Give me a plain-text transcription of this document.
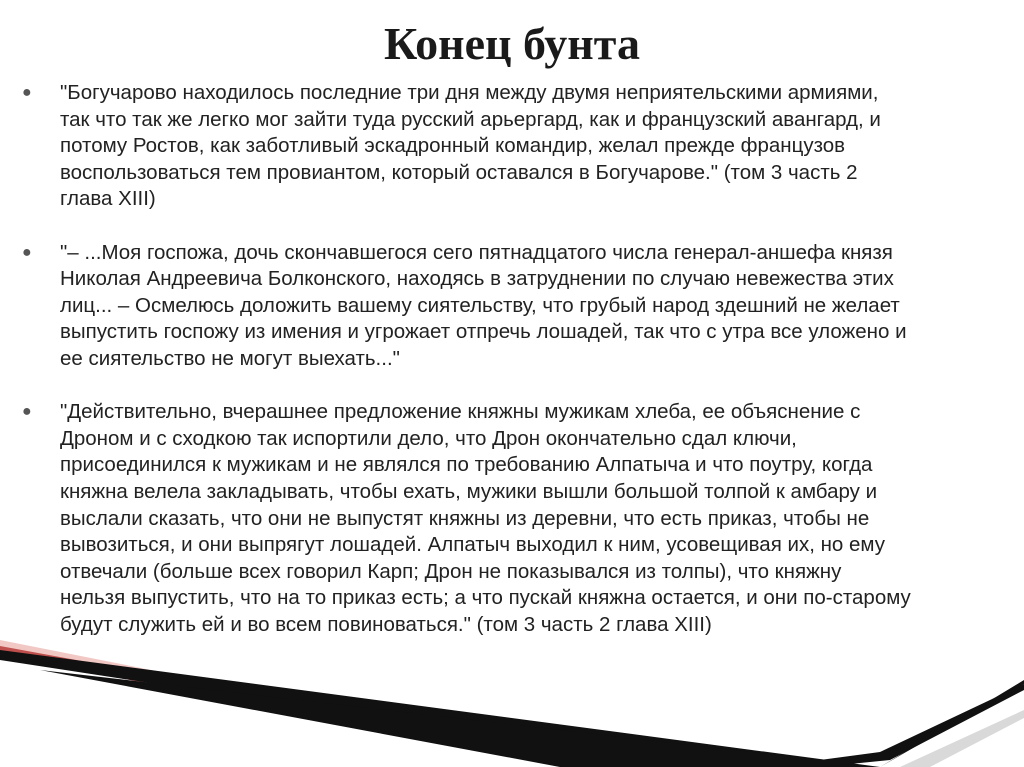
Конец бунта
●	"Богучарово находилось последние три дня между двумя неприятельскими армиями,
так что так же легко мог зайти туда русский арьергард, как и французский авангард, и
потому Ростов, как заботливый эскадронный командир, желал прежде французов
воспользоваться тем провиантом, который оставался в Богучарове." (том 3 часть 2
глава XIII)
●	"– ...Моя госпожа, дочь скончавшегося сего пятнадцатого числа генерал-аншефа князя
Николая Андреевича Болконского, находясь в затруднении по случаю невежества этих
лиц... – Осмелюсь доложить вашему сиятельству, что грубый народ здешний не желает
выпустить госпожу из имения и угрожает отпречь лошадей, так что с утра все уложено и
ее сиятельство не могут выехать..."
●	"Действительно, вчерашнее предложение княжны мужикам хлеба, ее объяснение с
Дроном и с сходкою так испортили дело, что Дрон окончательно сдал ключи,
присоединился к мужикам и не являлся по требованию Алпатыча и что поутру, когда
княжна велела закладывать, чтобы ехать, мужики вышли большой толпой к амбару и
выслали сказать, что они не выпустят княжны из деревни, что есть приказ, чтобы не
вывозиться, и они выпрягут лошадей. Алпатыч выходил к ним, усовещивая их, но ему
отвечали (больше всех говорил Карп; Дрон не показывался из толпы), что княжну
нельзя выпустить, что на то приказ есть; а что пускай княжна остается, и они по-старому
будут служить ей и во всем повиноваться." (том 3 часть 2 глава XIII)
